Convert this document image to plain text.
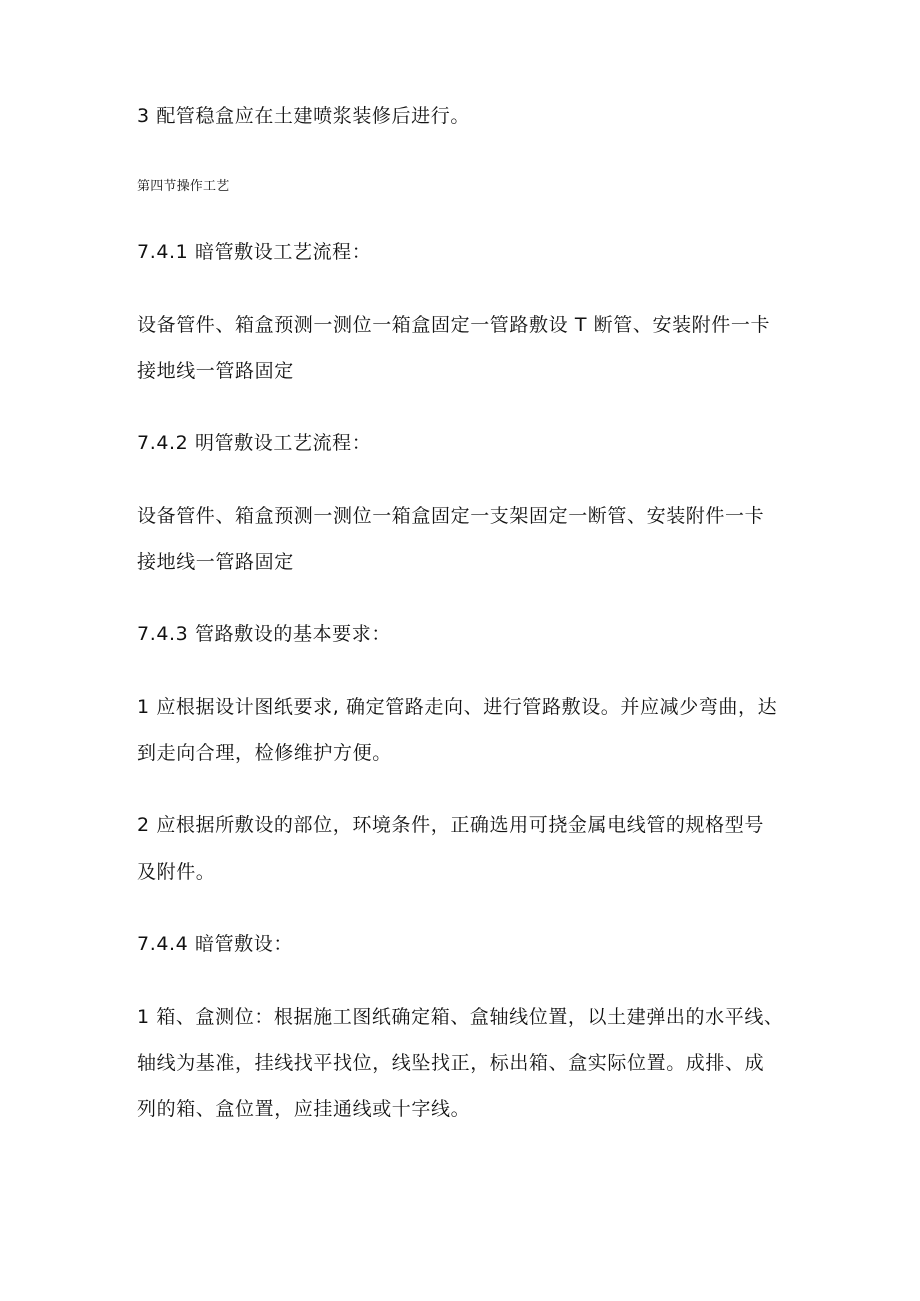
3 配管稳盒应在土建喷浆装修后进行。
第四节操作工艺
7.4.1 暗管敷设工艺流程：
设备管件、箱盒预测一测位一箱盒固定一管路敷设 T 断管、安装附件一卡
接地线一管路固定
7.4.2 明管敷设工艺流程：
设备管件、箱盒预测一测位一箱盒固定一支架固定一断管、安装附件一卡
接地线一管路固定
7.4.3 管路敷设的基本要求：
1 应根据设计图纸要求, 确定管路走向、进行管路敷设。并应减少弯曲，达
到走向合理，检修维护方便。
2 应根据所敷设的部位，环境条件，正确选用可挠金属电线管的规格型号
及附件。
7.4.4 暗管敷设：
1 箱、盒测位：根据施工图纸确定箱、盒轴线位置，以土建弹出的水平线、
轴线为基准，挂线找平找位，线坠找正，标出箱、盒实际位置。成排、成
列的箱、盒位置，应挂通线或十字线。
